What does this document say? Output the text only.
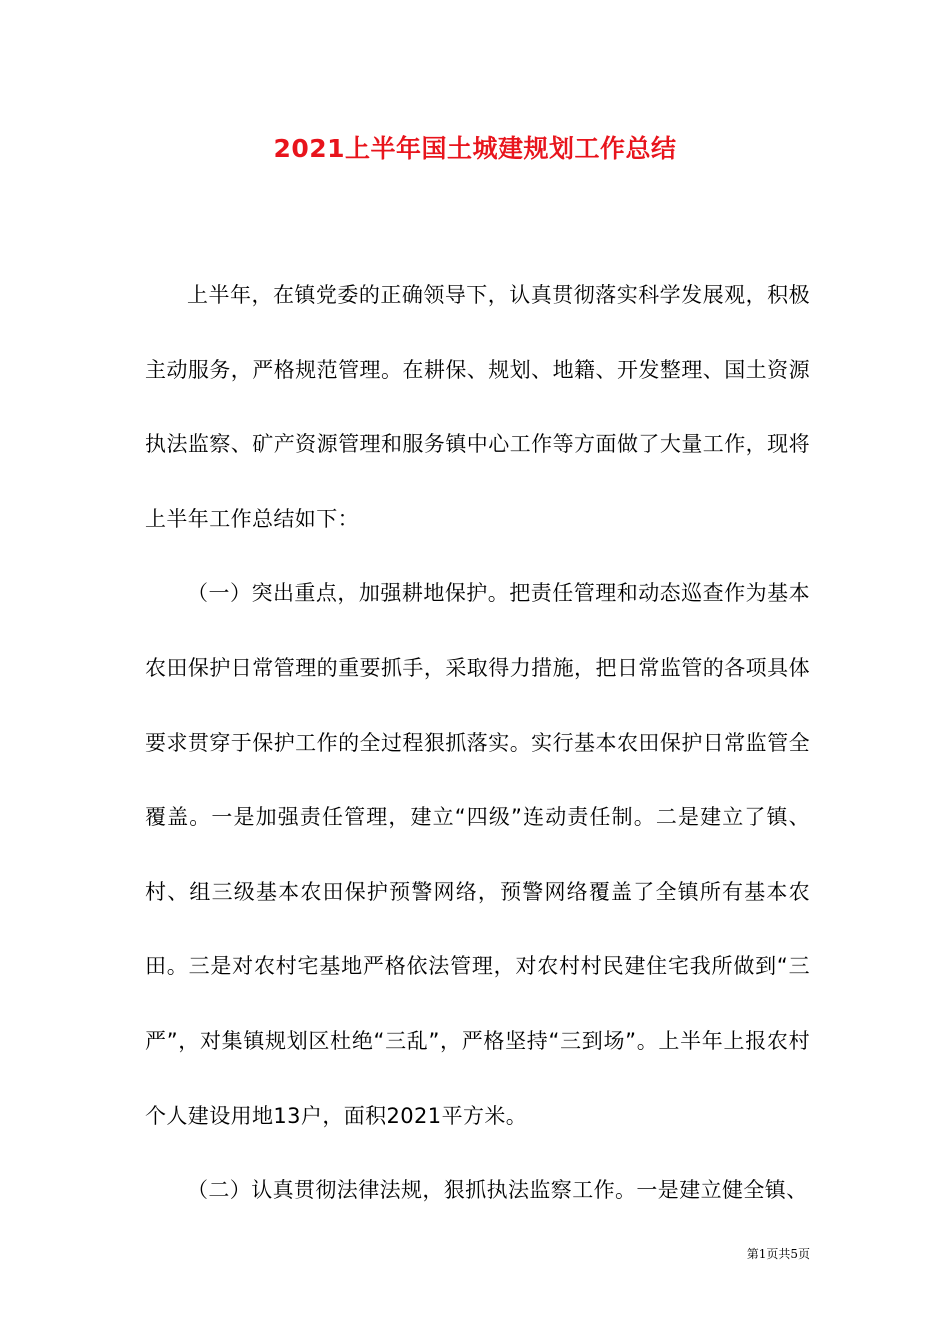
2021上半年国土城建规划工作总结

上半年，在镇党委的正确领导下，认真贯彻落实科学发展观，积极主动服务，严格规范管理。在耕保、规划、地籍、开发整理、国土资源执法监察、矿产资源管理和服务镇中心工作等方面做了大量工作，现将上半年工作总结如下：

（一）突出重点，加强耕地保护。把责任管理和动态巡查作为基本农田保护日常管理的重要抓手，采取得力措施，把日常监管的各项具体要求贯穿于保护工作的全过程狠抓落实。实行基本农田保护日常监管全覆盖。一是加强责任管理，建立“四级”连动责任制。二是建立了镇、村、组三级基本农田保护预警网络，预警网络覆盖了全镇所有基本农田。三是对农村宅基地严格依法管理，对农村村民建住宅我所做到“三严”，对集镇规划区杜绝“三乱”，严格坚持“三到场”。上半年上报农村个人建设用地13户，面积2021平方米。

（二）认真贯彻法律法规，狠抓执法监察工作。一是建立健全镇、

第1页共5页
